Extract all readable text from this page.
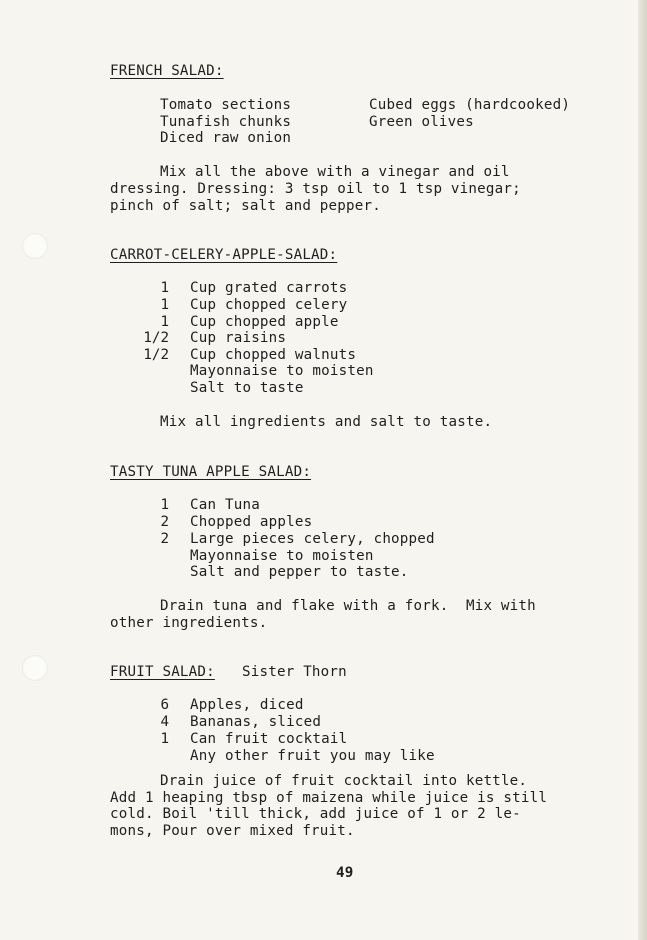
FRENCH SALAD:
Tomato sections
Tunafish chunks
Diced raw onion
Cubed eggs (hardcooked)
Green olives
Mix all the above with a vinegar and oil
dressing. Dressing: 3 tsp oil to 1 tsp vinegar;
pinch of salt; salt and pepper.
CARROT-CELERY-APPLE-SALAD:
1 Cup grated carrots
1 Cup chopped celery
1 Cup chopped apple
1/2 Cup raisins
1/2 Cup chopped walnuts
Mayonnaise to moisten
Salt to taste
Mix all ingredients and salt to taste.
TASTY TUNA APPLE SALAD:
1 Can Tuna
2 Chopped apples
2 Large pieces celery, chopped
Mayonnaise to moisten
Salt and pepper to taste.
Drain tuna and flake with a fork.  Mix with
other ingredients.
FRUIT SALAD: Sister Thorn
6 Apples, diced
4 Bananas, sliced
1 Can fruit cocktail
Any other fruit you may like
Drain juice of fruit cocktail into kettle.
Add 1 heaping tbsp of maizena while juice is still
cold. Boil 'till thick, add juice of 1 or 2 le-
mons, Pour over mixed fruit.
49
